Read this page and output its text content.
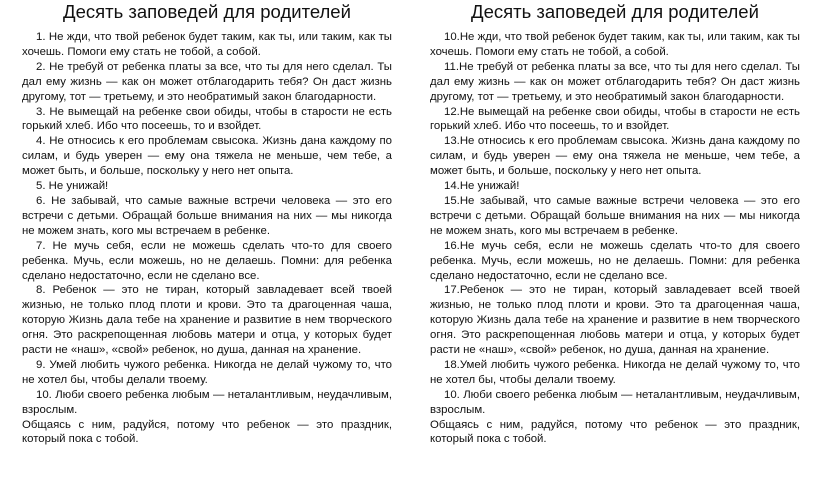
Десять заповедей для родителей

1. Не жди, что твой ребенок будет таким, как ты, или таким, как ты хочешь. Помоги ему стать не тобой, а собой.

2. Не требуй от ребенка платы за все, что ты для него сделал. Ты дал ему жизнь — как он может отблагодарить тебя? Он даст жизнь другому, тот — третьему, и это необратимый закон благодарности.

3. Не вымещай на ребенке свои обиды, чтобы в старости не есть горький хлеб. Ибо что посеешь, то и взойдет.

4. Не относись к его проблемам свысока. Жизнь дана каждому по силам, и будь уверен — ему она тяжела не меньше, чем тебе, а может быть, и больше, поскольку у него нет опыта.

5. Не унижай!

6. Не забывай, что самые важные встречи человека — это его встречи с детьми. Обращай больше внимания на них — мы никогда не можем знать, кого мы встречаем в ребенке.

7. Не мучь себя, если не можешь сделать что-то для своего ребенка. Мучь, если можешь, но не делаешь. Помни: для ребенка сделано недостаточно, если не сделано все.

8. Ребенок — это не тиран, который завладевает всей твоей жизнью, не только плод плоти и крови. Это та драгоценная чаша, которую Жизнь дала тебе на хранение и развитие в нем творческого огня. Это раскрепощенная любовь матери и отца, у которых будет расти не «наш», «свой» ребенок, но душа, данная на хранение.

9. Умей любить чужого ребенка. Никогда не делай чужому то, что не хотел бы, чтобы делали твоему.

10. Люби своего ребенка любым — неталантливым, неудачливым, взрослым.

Общаясь с ним, радуйся, потому что ребенок — это праздник, который пока с тобой.

Десять заповедей для родителей

10.Не жди, что твой ребенок будет таким, как ты, или таким, как ты хочешь. Помоги ему стать не тобой, а собой.

11.Не требуй от ребенка платы за все, что ты для него сделал. Ты дал ему жизнь — как он может отблагодарить тебя? Он даст жизнь другому, тот — третьему, и это необратимый закон благодарности.

12.Не вымещай на ребенке свои обиды, чтобы в старости не есть горький хлеб. Ибо что посеешь, то и взойдет.

13.Не относись к его проблемам свысока. Жизнь дана каждому по силам, и будь уверен — ему она тяжела не меньше, чем тебе, а может быть, и больше, поскольку у него нет опыта.

14.Не унижай!

15.Не забывай, что самые важные встречи человека — это его встречи с детьми. Обращай больше внимания на них — мы никогда не можем знать, кого мы встречаем в ребенке.

16.Не мучь себя, если не можешь сделать что-то для своего ребенка. Мучь, если можешь, но не делаешь. Помни: для ребенка сделано недостаточно, если не сделано все.

17.Ребенок — это не тиран, который завладевает всей твоей жизнью, не только плод плоти и крови. Это та драгоценная чаша, которую Жизнь дала тебе на хранение и развитие в нем творческого огня. Это раскрепощенная любовь матери и отца, у которых будет расти не «наш», «свой» ребенок, но душа, данная на хранение.

18.Умей любить чужого ребенка. Никогда не делай чужому то, что не хотел бы, чтобы делали твоему.

10. Люби своего ребенка любым — неталантливым, неудачливым, взрослым.

Общаясь с ним, радуйся, потому что ребенок — это праздник, который пока с тобой.
